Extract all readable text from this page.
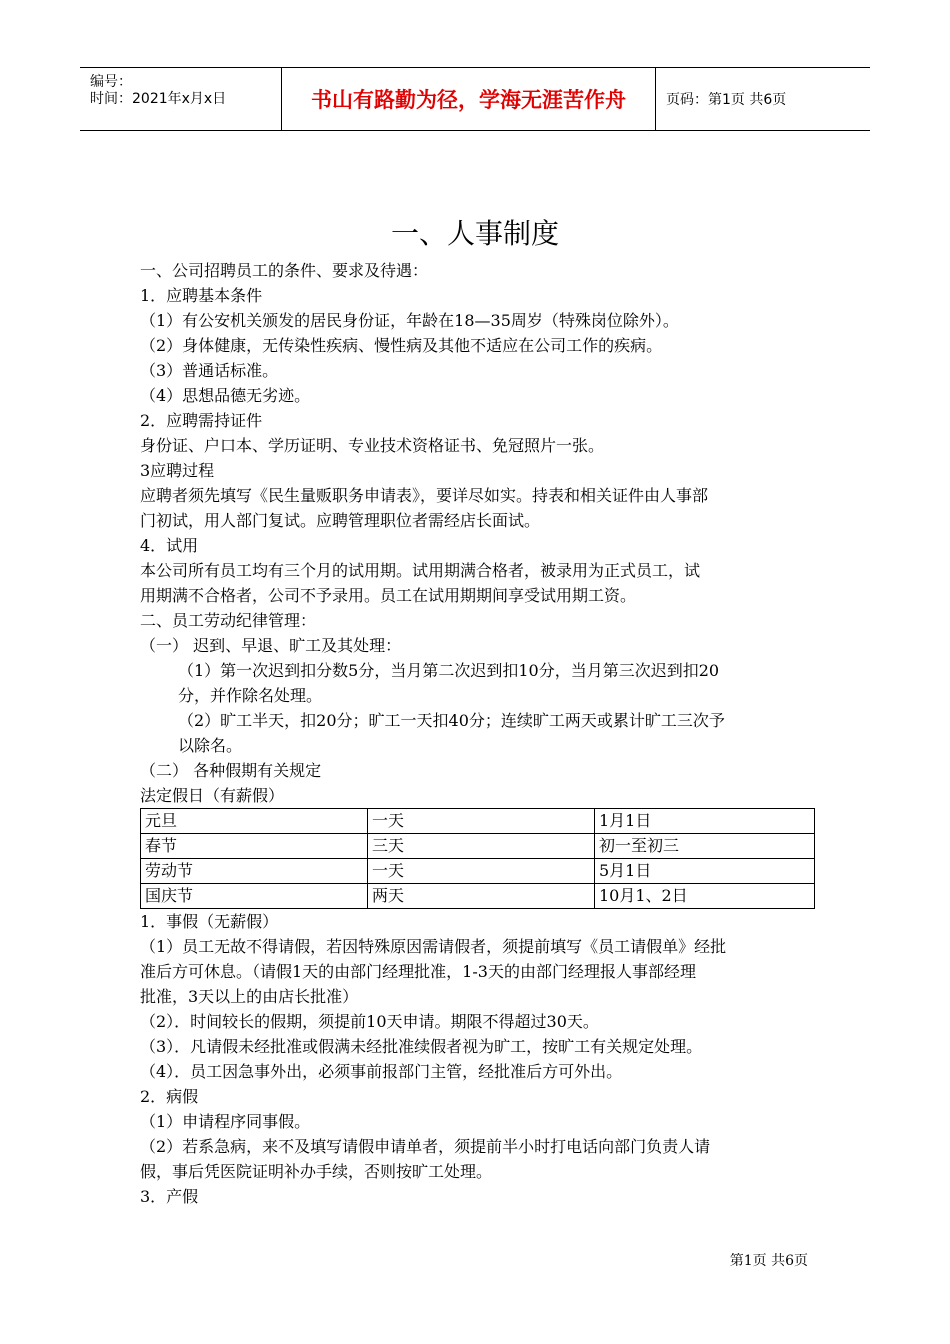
编号：
时间：2021年x月x日	书山有路勤为径，学海无涯苦作舟	页码：第1页 共6页
一、人事制度
一、公司招聘员工的条件、要求及待遇：
1．应聘基本条件
（1）有公安机关颁发的居民身份证，年龄在18—35周岁（特殊岗位除外）。
（2）身体健康，无传染性疾病、慢性病及其他不适应在公司工作的疾病。
（3）普通话标准。
（4）思想品德无劣迹。
2．应聘需持证件
身份证、户口本、学历证明、专业技术资格证书、免冠照片一张。
3应聘过程
应聘者须先填写《民生量贩职务申请表》，要详尽如实。持表和相关证件由人事部
门初试，用人部门复试。应聘管理职位者需经店长面试。
4．试用
本公司所有员工均有三个月的试用期。试用期满合格者，被录用为正式员工，试
用期满不合格者，公司不予录用。员工在试用期期间享受试用期工资。
二、员工劳动纪律管理：
（一） 迟到、早退、旷工及其处理：
（1）第一次迟到扣分数5分，当月第二次迟到扣10分，当月第三次迟到扣20
分，并作除名处理。
（2）旷工半天，扣20分；旷工一天扣40分；连续旷工两天或累计旷工三次予
以除名。
（二） 各种假期有关规定
法定假日（有薪假）
元旦	一天	1月1日
春节	三天	初一至初三
劳动节	一天	5月1日
国庆节	两天	10月1、2日
1．事假（无薪假）
（1）员工无故不得请假，若因特殊原因需请假者，须提前填写《员工请假单》经批
准后方可休息。（请假1天的由部门经理批准，1-3天的由部门经理报人事部经理
批准，3天以上的由店长批准）
（2）．时间较长的假期，须提前10天申请。期限不得超过30天。
（3）．凡请假未经批准或假满未经批准续假者视为旷工，按旷工有关规定处理。
（4）．员工因急事外出，必须事前报部门主管，经批准后方可外出。
2．病假
（1）申请程序同事假。
（2）若系急病，来不及填写请假申请单者，须提前半小时打电话向部门负责人请
假，事后凭医院证明补办手续，否则按旷工处理。
3．产假
第1页 共6页
